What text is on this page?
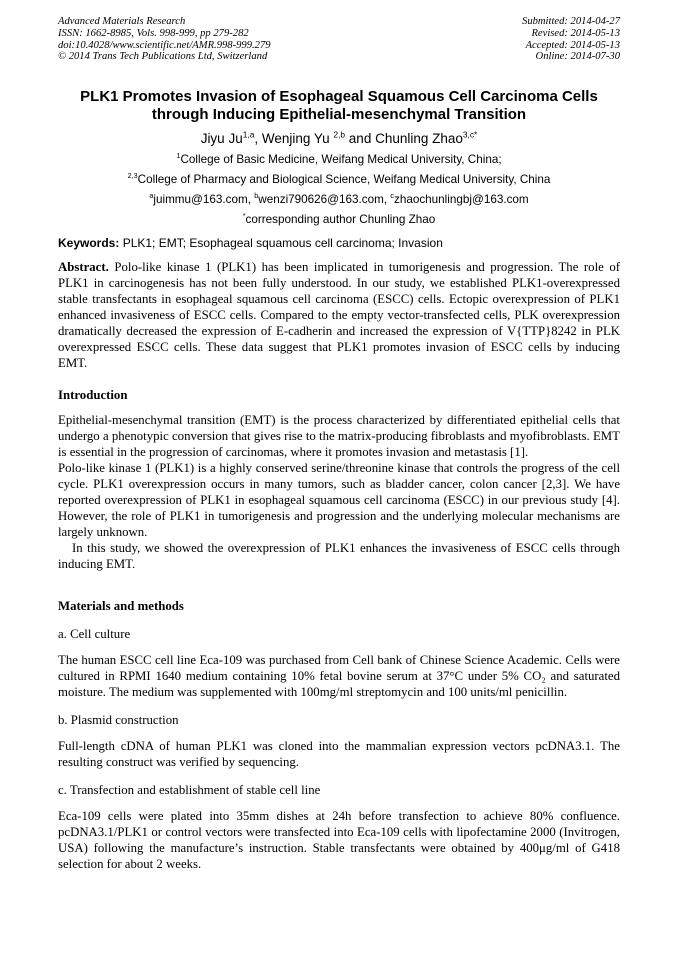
Advanced Materials Research
ISSN: 1662-8985, Vols. 998-999, pp 279-282
doi:10.4028/www.scientific.net/AMR.998-999.279
© 2014 Trans Tech Publications Ltd, Switzerland
Submitted: 2014-04-27
Revised: 2014-05-13
Accepted: 2014-05-13
Online: 2014-07-30
PLK1 Promotes Invasion of Esophageal Squamous Cell Carcinoma Cells
through Inducing Epithelial-mesenchymal Transition
Jiyu Ju$^{1,a}$, Wenjing Yu $^{2,b}$ and Chunling Zhao$^{3,c*}$
$^1$College of Basic Medicine, Weifang Medical University, China;
$^{2,3}$College of Pharmacy and Biological Science, Weifang Medical University, China
$^a$juimmu@163.com, $^b$wenzi790626@163.com, $^c$zhaochunlingbj@163.com
*corresponding author Chunling Zhao
Keywords: PLK1; EMT; Esophageal squamous cell carcinoma; Invasion

Abstract. Polo-like kinase 1 (PLK1) has been implicated in tumorigenesis and progression. The role of PLK1 in carcinogenesis has not been fully understood. In our study, we established PLK1-overexpressed stable transfectants in esophageal squamous cell carcinoma (ESCC) cells. Ectopic overexpression of PLK1 enhanced invasiveness of ESCC cells. Compared to the empty vector-transfected cells, PLK overexpression dramatically decreased the expression of E-cadherin and increased the expression of V{TTP}8242 in PLK overexpressed ESCC cells. These data suggest that PLK1 promotes invasion of ESCC cells by inducing EMT.

Introduction

Epithelial-mesenchymal transition (EMT) is the process characterized by differentiated epithelial cells that undergo a phenotypic conversion that gives rise to the matrix-producing fibroblasts and myofibroblasts. EMT is essential in the progression of carcinomas, where it promotes invasion and metastasis [1].

Polo-like kinase 1 (PLK1) is a highly conserved serine/threonine kinase that controls the progress of the cell cycle. PLK1 overexpression occurs in many tumors, such as bladder cancer, colon cancer [2,3]. We have reported overexpression of PLK1 in esophageal squamous cell carcinoma (ESCC) in our previous study [4]. However, the role of PLK1 in tumorigenesis and progression and the underlying molecular mechanisms are largely unknown.

In this study, we showed the overexpression of PLK1 enhances the invasiveness of ESCC cells through inducing EMT.

Materials and methods

a. Cell culture

The human ESCC cell line Eca-109 was purchased from Cell bank of Chinese Science Academic. Cells were cultured in RPMI 1640 medium containing 10% fetal bovine serum at 37°C under 5% CO₂ and saturated moisture. The medium was supplemented with 100mg/ml streptomycin and 100 units/ml penicillin.

b. Plasmid construction

Full-length cDNA of human PLK1 was cloned into the mammalian expression vectors pcDNA3.1. The resulting construct was verified by sequencing.

c. Transfection and establishment of stable cell line

Eca-109 cells were plated into 35mm dishes at 24h before transfection to achieve 80% confluence. pcDNA3.1/PLK1 or control vectors were transfected into Eca-109 cells with lipofectamine 2000 (Invitrogen, USA) following the manufacture’s instruction. Stable transfectants were obtained by 400μg/ml of G418 selection for about 2 weeks.
